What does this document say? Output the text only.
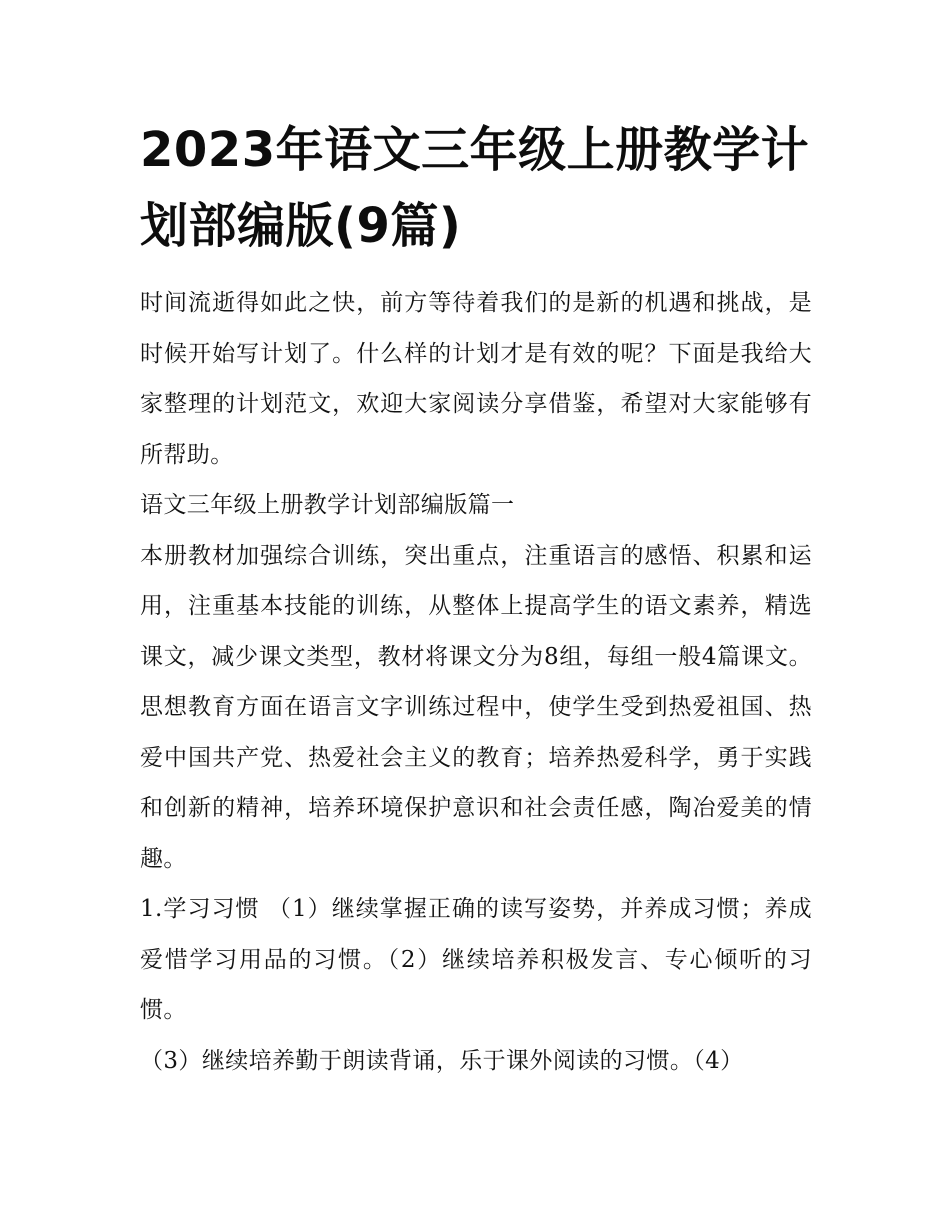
2023年语文三年级上册教学计划部编版(9篇)

时间流逝得如此之快，前方等待着我们的是新的机遇和挑战，是时候开始写计划了。什么样的计划才是有效的呢？下面是我给大家整理的计划范文，欢迎大家阅读分享借鉴，希望对大家能够有所帮助。

语文三年级上册教学计划部编版篇一

本册教材加强综合训练，突出重点，注重语言的感悟、积累和运用，注重基本技能的训练，从整体上提高学生的语文素养，精选课文，减少课文类型，教材将课文分为8组，每组一般4篇课文。思想教育方面在语言文字训练过程中，使学生受到热爱祖国、热爱中国共产党、热爱社会主义的教育；培养热爱科学，勇于实践和创新的精神，培养环境保护意识和社会责任感，陶冶爱美的情趣。

1.学习习惯 （1）继续掌握正确的读写姿势，并养成习惯；养成爱惜学习用品的习惯。（2）继续培养积极发言、专心倾听的习惯。

（3）继续培养勤于朗读背诵，乐于课外阅读的习惯。（4）
